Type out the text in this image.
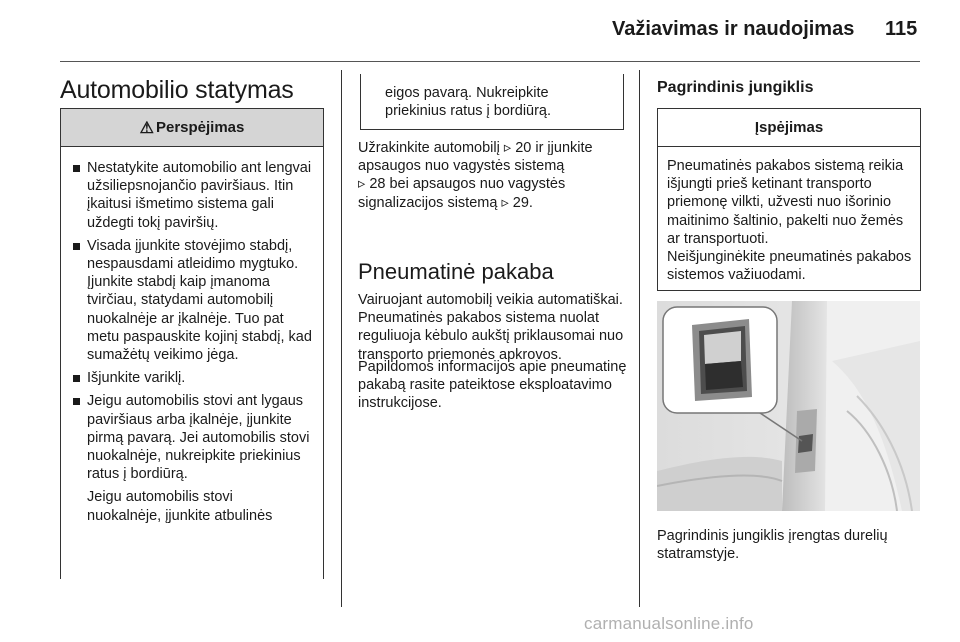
Važiavimas ir naudojimas 115
Automobilio statymas
⚠ Perspėjimas
Nestatykite automobilio ant lengvai užsiliepsnojančio paviršiaus. Itin įkaitusi išmetimo sistema gali uždegti tokį paviršių.
Visada įjunkite stovėjimo stabdį, nespausdami atleidimo mygtuko. Įjunkite stabdį kaip įmanoma tvirčiau, statydami automobilį nuokalnėje ar įkalnėje. Tuo pat metu paspauskite kojinį stabdį, kad sumažėtų veikimo jėga.
Išjunkite variklį.
Jeigu automobilis stovi ant lygaus paviršiaus arba įkalnėje, įjunkite pirmą pavarą. Jei automobilis stovi nuokalnėje, nukreipkite priekinius ratus į bordiūrą.
Jeigu automobilis stovi
nuokalnėje, įjunkite atbulinės
eigos pavarą. Nukreipkite
priekinius ratus į bordiūrą.
Užrakinkite automobilį ▹ 20 ir įjunkite
apsaugos nuo vagystės sistemą
▹ 28 bei apsaugos nuo vagystės
signalizacijos sistemą ▹ 29.
Pneumatinė pakaba
Vairuojant automobilį veikia automatiškai. Pneumatinės pakabos sistema nuolat reguliuoja kėbulo aukštį priklausomai nuo transporto priemonės apkrovos.
Papildomos informacijos apie pneumatinę pakabą rasite pateiktose eksploatavimo instrukcijose.
Pagrindinis jungiklis
Įspėjimas
Pneumatinės pakabos sistemą reikia išjungti prieš ketinant transporto priemonę vilkti, užvesti nuo išorinio maitinimo šaltinio, pakelti nuo žemės ar transportuoti.
Neišjunginėkite pneumatinės pakabos sistemos važiuodami.
Pagrindinis jungiklis įrengtas durelių statramstyje.
carmanualsonline.info
